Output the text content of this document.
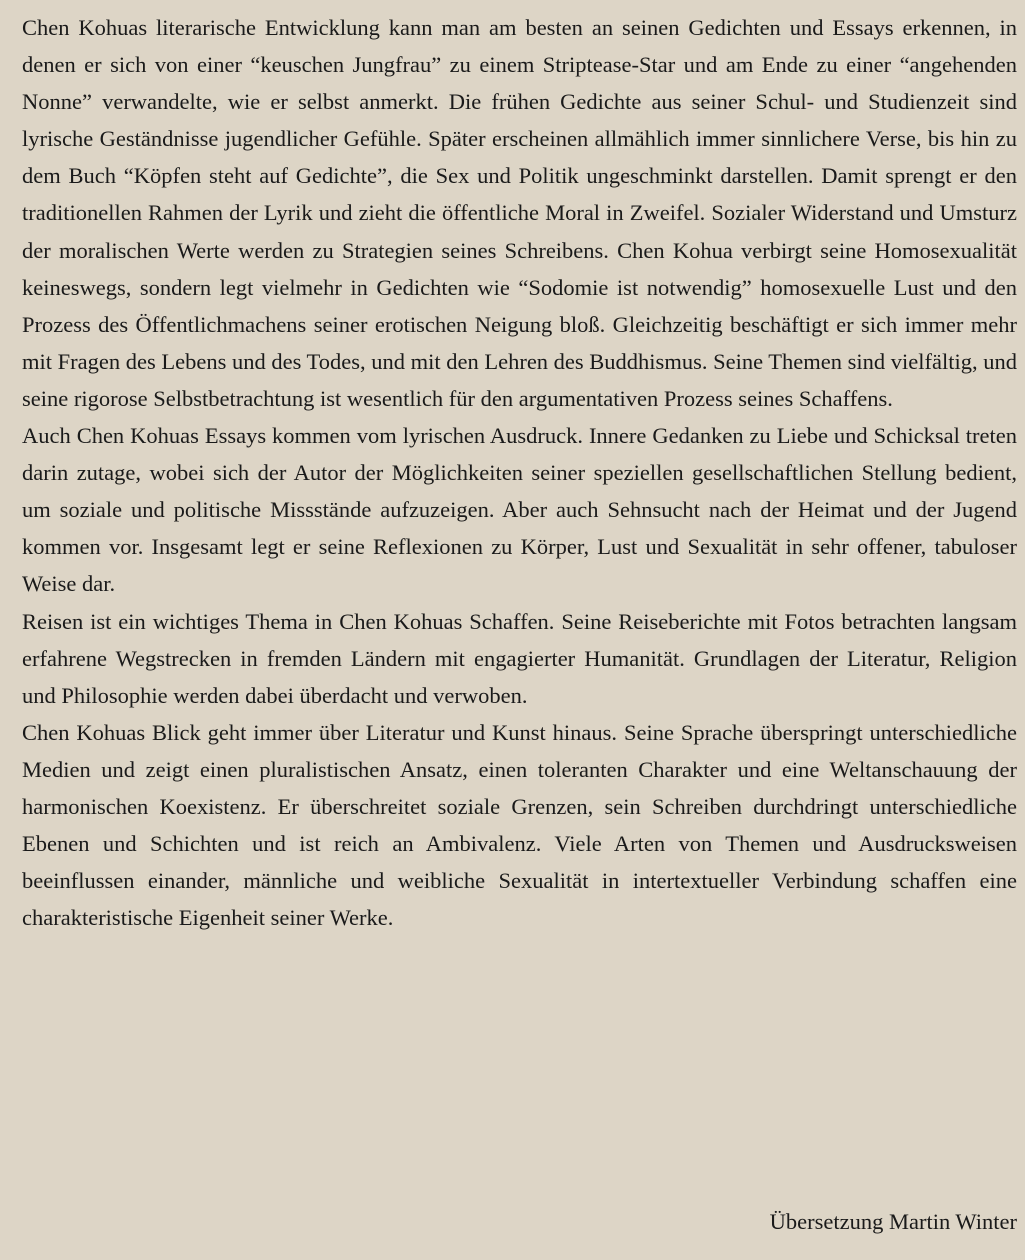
Chen Kohuas literarische Entwicklung kann man am besten an seinen Gedichten und Essays erkennen, in denen er sich von einer “keuschen Jungfrau” zu einem Striptease-Star und am Ende zu einer “angehenden Nonne” verwandelte, wie er selbst anmerkt. Die frühen Gedichte aus seiner Schul- und Studienzeit sind lyrische Geständnisse jugendlicher Gefühle. Später erscheinen allmählich immer sinnlichere Verse, bis hin zu dem Buch “Köpfen steht auf Gedichte”, die Sex und Politik ungeschminkt darstellen. Damit sprengt er den traditionellen Rahmen der Lyrik und zieht die öffentliche Moral in Zweifel. Sozialer Widerstand und Umsturz der moralischen Werte werden zu Strategien seines Schreibens. Chen Kohua verbirgt seine Homosexualität keineswegs, sondern legt vielmehr in Gedichten wie “Sodomie ist notwendig” homosexuelle Lust und den Prozess des Öffentlichmachens seiner erotischen Neigung bloß. Gleichzeitig beschäftigt er sich immer mehr mit Fragen des Lebens und des Todes, und mit den Lehren des Buddhismus. Seine Themen sind vielfältig, und seine rigorose Selbstbetrachtung ist wesentlich für den argumentativen Prozess seines Schaffens.

Auch Chen Kohuas Essays kommen vom lyrischen Ausdruck. Innere Gedanken zu Liebe und Schicksal treten darin zutage, wobei sich der Autor der Möglichkeiten seiner speziellen gesellschaftlichen Stellung bedient, um soziale und politische Missstände aufzuzeigen. Aber auch Sehnsucht nach der Heimat und der Jugend kommen vor. Insgesamt legt er seine Reflexionen zu Körper, Lust und Sexualität in sehr offener, tabuloser Weise dar.

Reisen ist ein wichtiges Thema in Chen Kohuas Schaffen. Seine Reiseberichte mit Fotos betrachten langsam erfahrene Wegstrecken in fremden Ländern mit engagierter Humanität. Grundlagen der Literatur, Religion und Philosophie werden dabei überdacht und verwoben.

Chen Kohuas Blick geht immer über Literatur und Kunst hinaus. Seine Sprache überspringt unterschiedliche Medien und zeigt einen pluralistischen Ansatz, einen toleranten Charakter und eine Weltanschauung der harmonischen Koexistenz. Er überschreitet soziale Grenzen, sein Schreiben durchdringt unterschiedliche Ebenen und Schichten und ist reich an Ambivalenz. Viele Arten von Themen und Ausdrucksweisen beeinflussen einander, männliche und weibliche Sexualität in intertextueller Verbindung schaffen eine charakteristische Eigenheit seiner Werke.

Übersetzung Martin Winter
